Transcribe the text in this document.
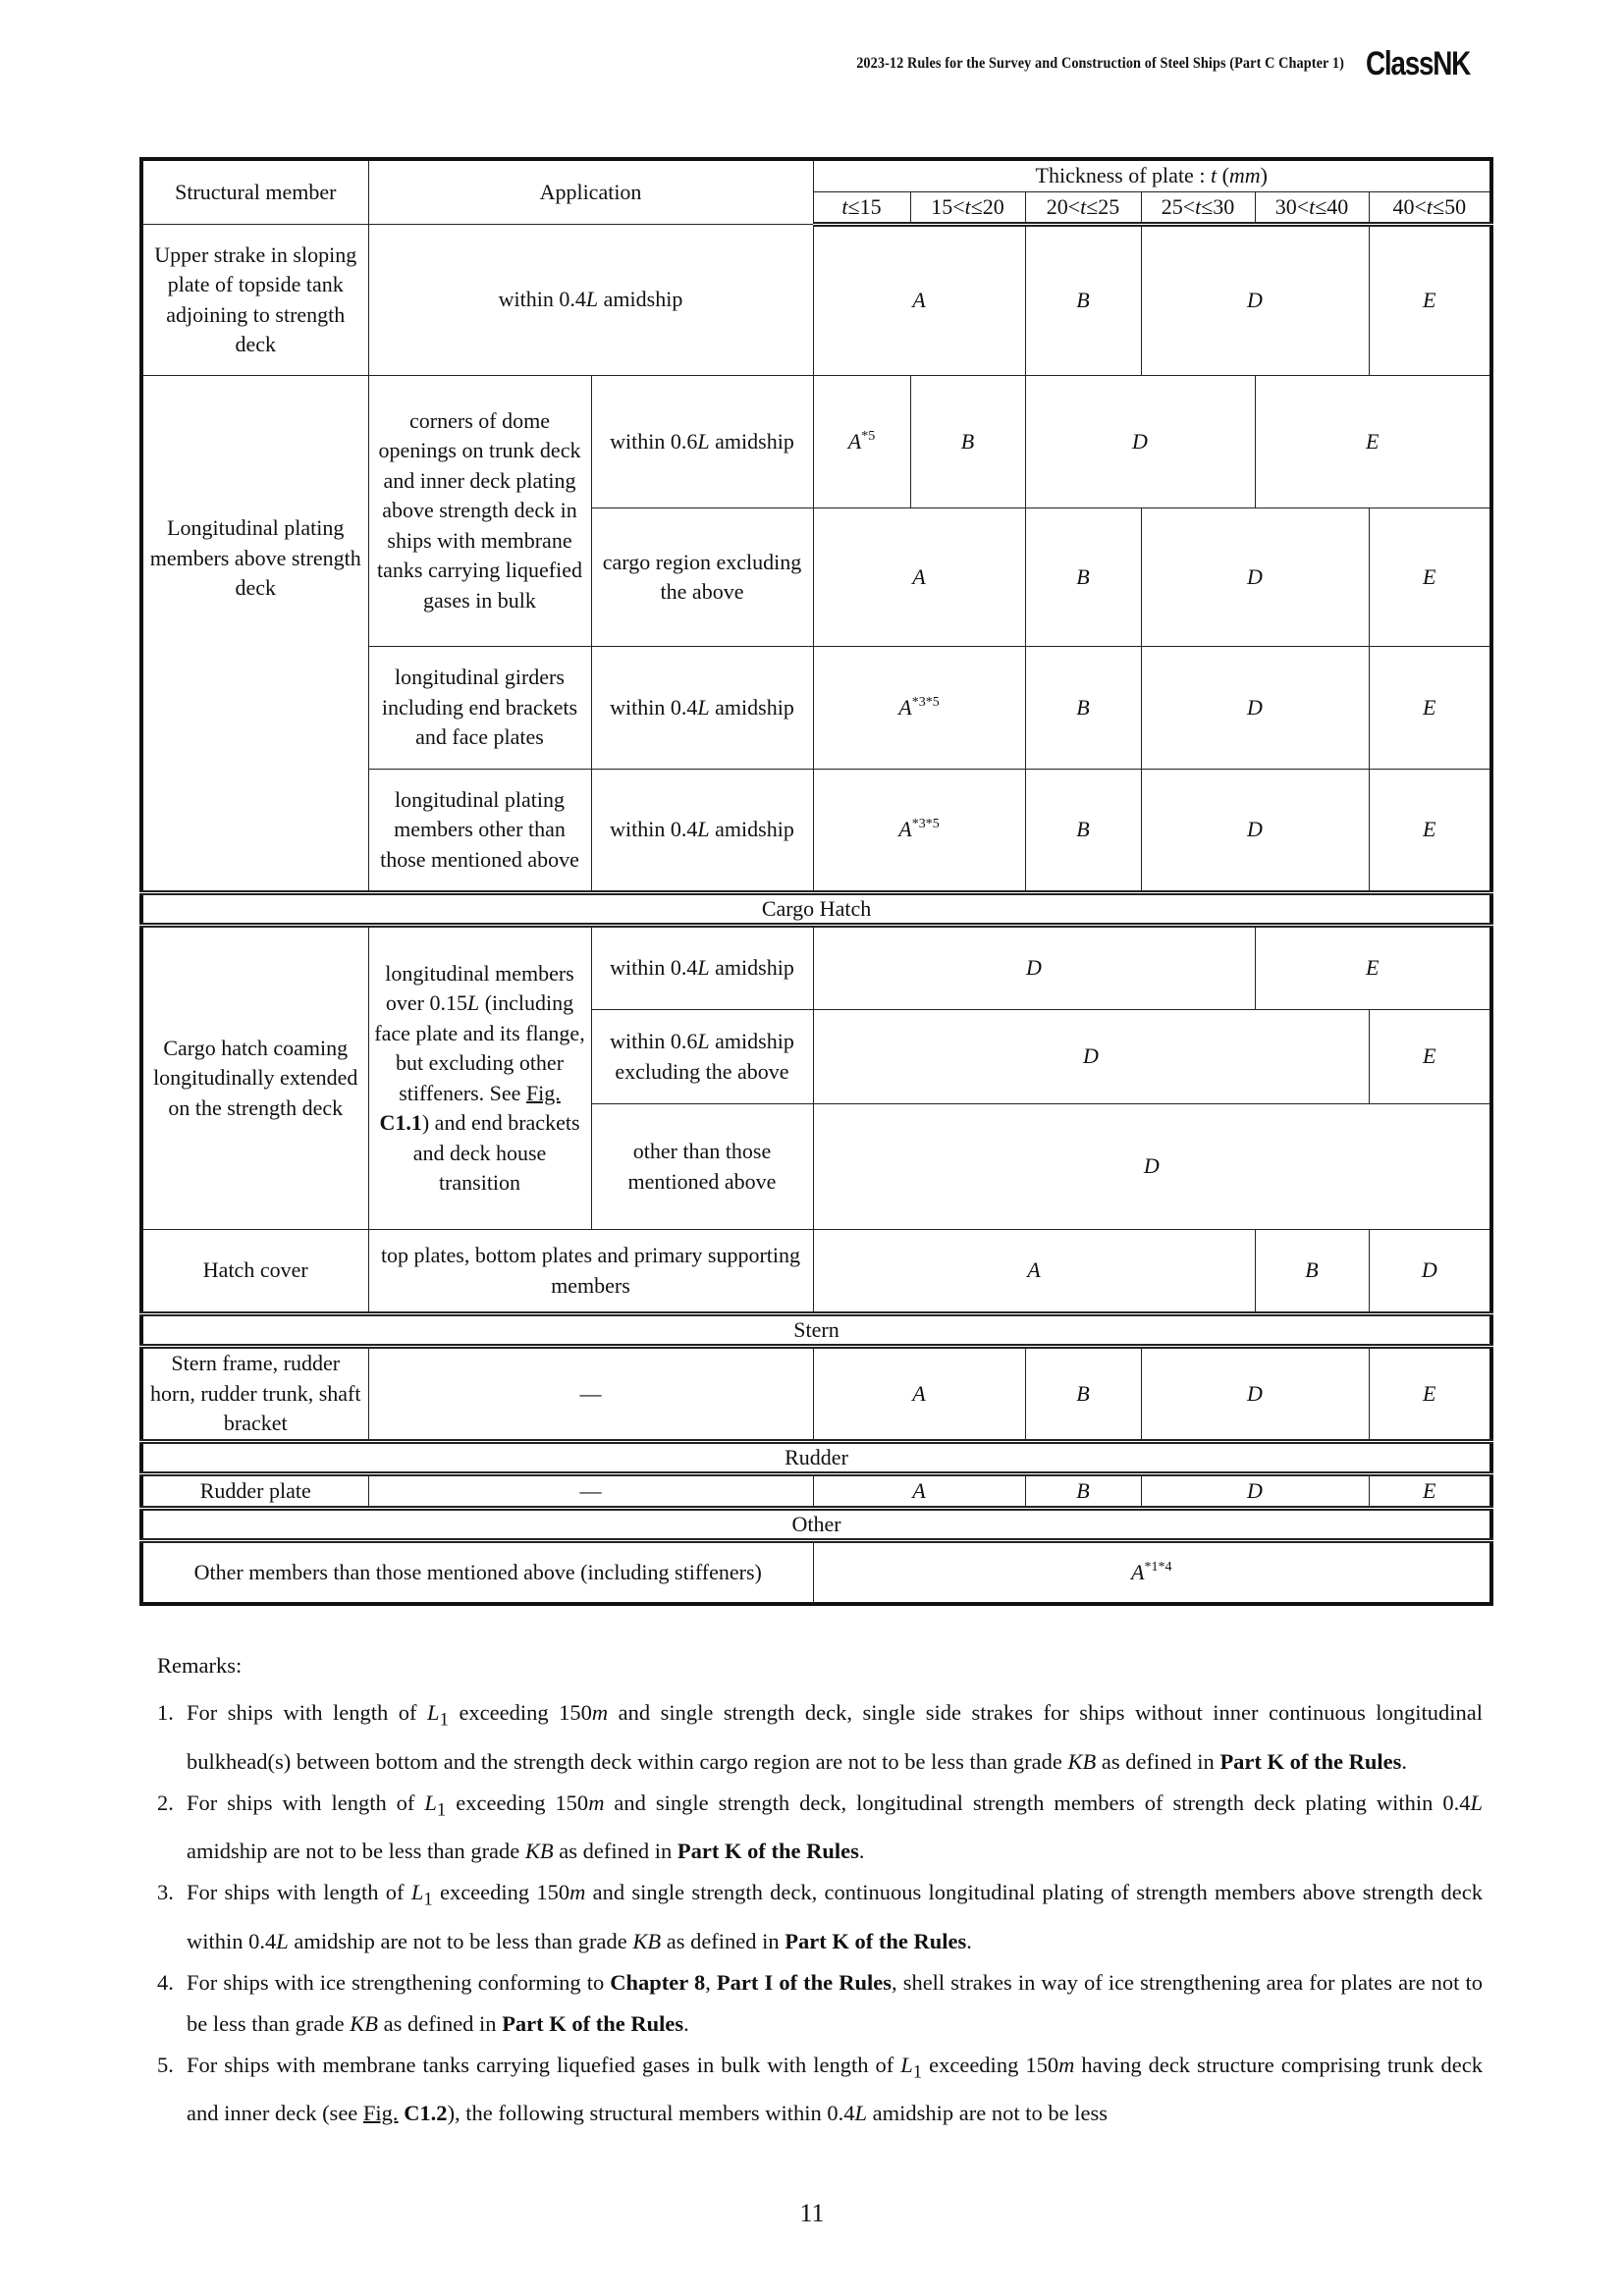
2023-12 Rules for the Survey and Construction of Steel Ships (Part C Chapter 1) ClassNK
Structural member	Application		Thickness of plate : t (mm)					
			t≤15	15<t≤20	20<t≤25	25<t≤30	30<t≤40	40<t≤50
Upper strake in sloping plate of topside tank adjoining to strength deck	within 0.4L amidship		A		B	D		E
Longitudinal plating members above strength deck	corners of dome openings on trunk deck and inner deck plating above strength deck in ships with membrane tanks carrying liquefied gases in bulk	within 0.6L amidship	$A^{*5}$	B	D		E	
		cargo region excluding the above	A		B	D		E
	longitudinal girders including end brackets and face plates	within 0.4L amidship	$A^{*3*5}$		B	D		E
	longitudinal plating members other than those mentioned above	within 0.4L amidship	$A^{*3*5}$		B	D		E
Cargo Hatch								
Cargo hatch coaming longitudinally extended on the strength deck	longitudinal members over 0.15L (including face plate and its flange, but excluding other stiffeners. See Fig. C1.1) and end brackets and deck house transition	within 0.4L amidship	D				E	
		within 0.6L amidship excluding the above	D					E
		other than those mentioned above	D					
Hatch cover	top plates, bottom plates and primary supporting members		A				B	D
Stern								
Stern frame, rudder horn, rudder trunk, shaft bracket	—		A		B	D		E
Rudder								
Rudder plate	—		A		B	D		E
Other								
Other members than those mentioned above (including stiffeners)			$A^{*1*4}$
Remarks:
1. For ships with length of $L_1$ exceeding 150m and single strength deck, single side strakes for ships without inner continuous longitudinal bulkhead(s) between bottom and the strength deck within cargo region are not to be less than grade KB as defined in Part K of the Rules.
2. For ships with length of $L_1$ exceeding 150m and single strength deck, longitudinal strength members of strength deck plating within 0.4L amidship are not to be less than grade KB as defined in Part K of the Rules.
3. For ships with length of $L_1$ exceeding 150m and single strength deck, continuous longitudinal plating of strength members above strength deck within 0.4L amidship are not to be less than grade KB as defined in Part K of the Rules.
4. For ships with ice strengthening conforming to Chapter 8, Part I of the Rules, shell strakes in way of ice strengthening area for plates are not to be less than grade KB as defined in Part K of the Rules.
5. For ships with membrane tanks carrying liquefied gases in bulk with length of $L_1$ exceeding 150m having deck structure comprising trunk deck and inner deck (see Fig. C1.2), the following structural members within 0.4L amidship are not to be less
11
